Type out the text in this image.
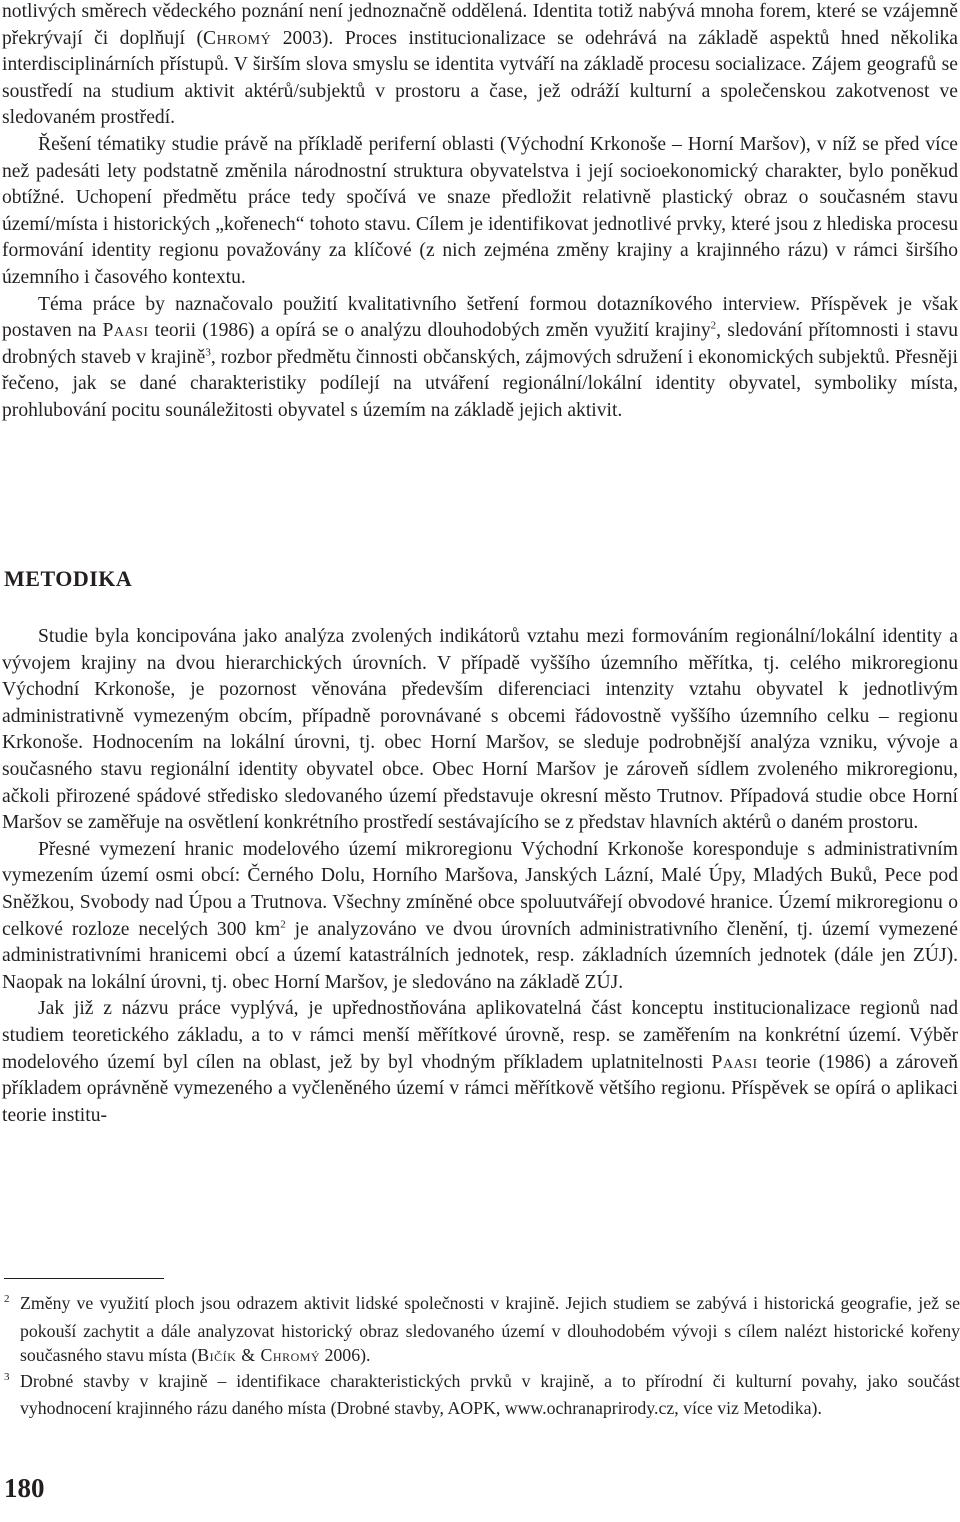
notlivých směrech vědeckého poznání není jednoznačně oddělená. Identita totiž nabývá mnoha forem, které se vzájemně překrývají či doplňují (Chromý 2003). Proces institucionalizace se odehrává na základě aspektů hned několika interdisciplinárních přístupů. V širším slova smyslu se identita vytváří na základě procesu socializace. Zájem geografů se soustředí na studium aktivit aktérů/subjektů v prostoru a čase, jež odráží kulturní a společenskou zakotvenost ve sledovaném prostředí.

Řešení tématiky studie právě na příkladě periferní oblasti (Východní Krkonoše – Horní Maršov), v níž se před více než padesáti lety podstatně změnila národnostní struktura obyvatelstva i její socioekonomický charakter, bylo poněkud obtížné. Uchopení předmětu práce tedy spočívá ve snaze předložit relativně plastický obraz o současném stavu území/místa i historických „kořenech“ tohoto stavu. Cílem je identifikovat jednotlivé prvky, které jsou z hlediska procesu formování identity regionu považovány za klíčové (z nich zejména změny krajiny a krajinného rázu) v rámci širšího územního i časového kontextu.

Téma práce by naznačovalo použití kvalitativního šetření formou dotazníkového interview. Příspěvek je však postaven na Paasi teorii (1986) a opírá se o analýzu dlouhodobých změn využití krajiny$^2$, sledování přítomnosti i stavu drobných staveb v krajině$^3$, rozbor předmětu činnosti občanských, zájmových sdružení i ekonomických subjektů. Přesněji řečeno, jak se dané charakteristiky podílejí na utváření regionální/lokální identity obyvatel, symboliky místa, prohlubování pocitu sounáležitosti obyvatel s územím na základě jejich aktivit.

METODIKA

Studie byla koncipována jako analýza zvolených indikátorů vztahu mezi formováním regionální/lokální identity a vývojem krajiny na dvou hierarchických úrovních. V případě vyššího územního měřítka, tj. celého mikroregionu Východní Krkonoše, je pozornost věnována především diferenciaci intenzity vztahu obyvatel k jednotlivým administrativně vymezeným obcím, případně porovnávané s obcemi řádovostně vyššího územního celku – regionu Krkonoše. Hodnocením na lokální úrovni, tj. obec Horní Maršov, se sleduje podrobnější analýza vzniku, vývoje a současného stavu regionální identity obyvatel obce. Obec Horní Maršov je zároveň sídlem zvoleného mikroregionu, ačkoli přirozené spádové středisko sledovaného území představuje okresní město Trutnov. Případová studie obce Horní Maršov se zaměřuje na osvětlení konkrétního prostředí sestávajícího se z představ hlavních aktérů o daném prostoru.

Přesné vymezení hranic modelového území mikroregionu Východní Krkonoše koresponduje s administrativním vymezením území osmi obcí: Černého Dolu, Horního Maršova, Janských Lázní, Malé Úpy, Mladých Buků, Pece pod Sněžkou, Svobody nad Úpou a Trutnova. Všechny zmíněné obce spoluutvářejí obvodové hranice. Území mikroregionu o celkové rozloze necelých 300 $km^2$ je analyzováno ve dvou úrovních administrativního členění, tj. území vymezené administrativními hranicemi obcí a území katastrálních jednotek, resp. základních územních jednotek (dále jen ZÚJ). Naopak na lokální úrovni, tj. obec Horní Maršov, je sledováno na základě ZÚJ.

Jak již z názvu práce vyplývá, je upřednostňována aplikovatelná část konceptu institucionalizace regionů nad studiem teoretického základu, a to v rámci menší měřítkové úrovně, resp. se zaměřením na konkrétní území. Výběr modelového území byl cílen na oblast, jež by byl vhodným příkladem uplatnitelnosti Paasi teorie (1986) a zároveň příkladem oprávněně vymezeného a vyčleněného území v rámci měřítkově většího regionu. Příspěvek se opírá o aplikaci teorie institu-

$^2$ Změny ve využití ploch jsou odrazem aktivit lidské společnosti v krajině. Jejich studiem se zabývá i historická geografie, jež se pokouší zachytit a dále analyzovat historický obraz sledovaného území v dlouhodobém vývoji s cílem nalézt historické kořeny současného stavu místa (Bičík & Chromý 2006).

$^3$ Drobné stavby v krajině – identifikace charakteristických prvků v krajině, a to přírodní či kulturní povahy, jako součást vyhodnocení krajinného rázu daného místa (Drobné stavby, AOPK, www.ochranaprirody.cz, více viz Metodika).

180
